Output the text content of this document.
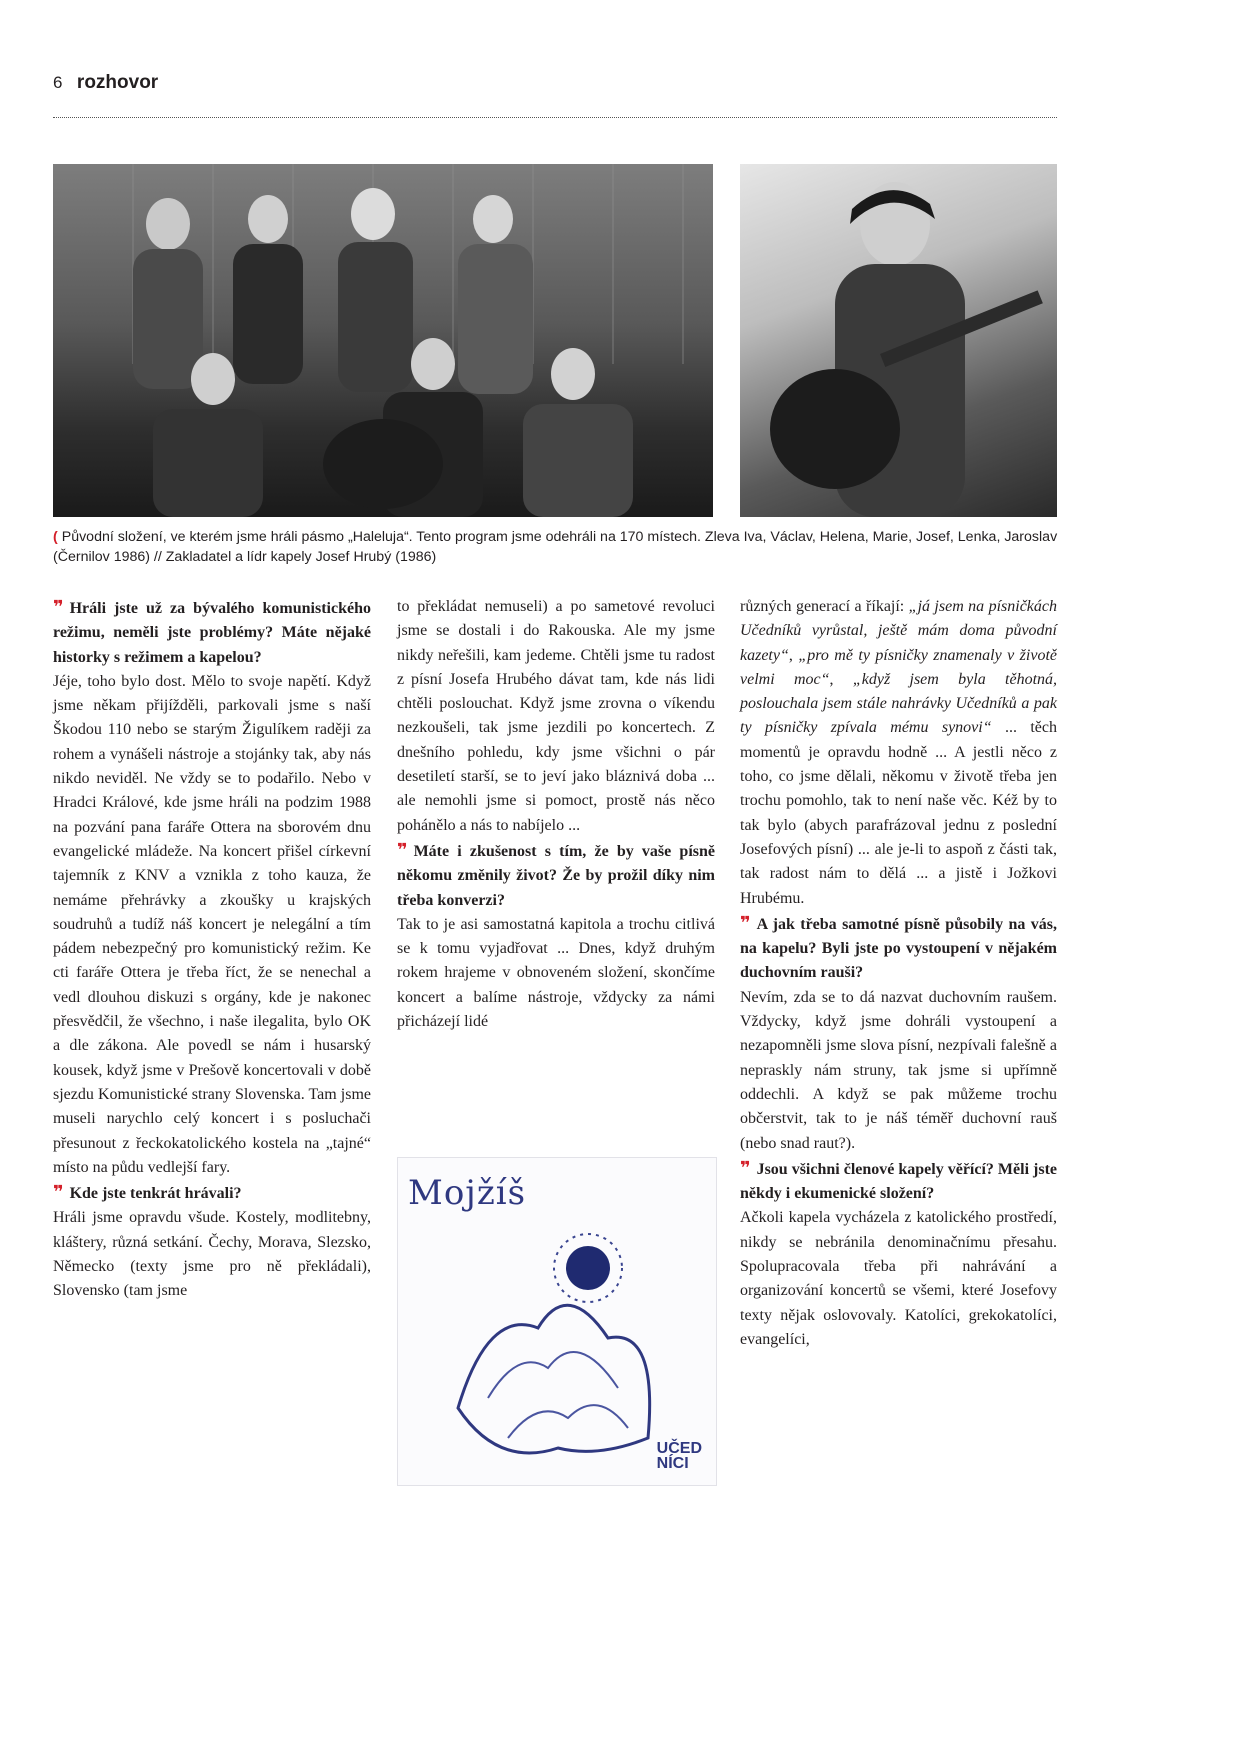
6 rozhovor
( Původní složení, ve kterém jsme hráli pásmo „Haleluja“. Tento program jsme odehráli na 170 místech. Zleva Iva, Václav, Helena, Marie, Josef, Lenka, Jaroslav (Černilov 1986) // Zakladatel a lídr kapely Josef Hrubý (1986)

❞ Hráli jste už za bývalého komunistického režimu, neměli jste problémy? Máte nějaké historky s režimem a kapelou?

Jéje, toho bylo dost. Mělo to svoje napětí. Když jsme někam přijížděli, parkovali jsme s naší Škodou 110 nebo se starým Žigulíkem raději za rohem a vynášeli nástroje a stojánky tak, aby nás nikdo neviděl. Ne vždy se to podařilo. Nebo v Hradci Králové, kde jsme hráli na podzim 1988 na pozvání pana faráře Ottera na sborovém dnu evangelické mládeže. Na koncert přišel církevní tajemník z KNV a vznikla z toho kauza, že nemáme přehrávky a zkoušky u krajských soudruhů a tudíž náš koncert je nelegální a tím pádem nebezpečný pro komunistický režim. Ke cti faráře Ottera je třeba říct, že se nenechal a vedl dlouhou diskuzi s orgány, kde je nakonec přesvědčil, že všechno, i naše ilegalita, bylo OK a dle zákona. Ale povedl se nám i husarský kousek, když jsme v Prešově koncertovali v době sjezdu Komunistické strany Slovenska. Tam jsme museli narychlo celý koncert i s posluchači přesunout z řeckokatolického kostela na „tajné“ místo na půdu vedlejší fary.

❞ Kde jste tenkrát hrávali?

Hráli jsme opravdu všude. Kostely, modlitebny, kláštery, různá setkání. Čechy, Morava, Slezsko, Německo (texty jsme pro ně překládali), Slovensko (tam jsme

to překládat nemuseli) a po sametové revoluci jsme se dostali i do Rakouska. Ale my jsme nikdy neřešili, kam jedeme. Chtěli jsme tu radost z písní Josefa Hrubého dávat tam, kde nás lidi chtěli poslouchat. Když jsme zrovna o víkendu nezkoušeli, tak jsme jezdili po koncertech. Z dnešního pohledu, kdy jsme všichni o pár desetiletí starší, se to jeví jako bláznivá doba ... ale nemohli jsme si pomoct, prostě nás něco pohánělo a nás to nabíjelo ...

❞ Máte i zkušenost s tím, že by vaše písně někomu změnily život? Že by prožil díky nim třeba konverzi?

Tak to je asi samostatná kapitola a trochu citlivá se k tomu vyjadřovat ... Dnes, když druhým rokem hrajeme v obnoveném složení, skončíme koncert a balíme nástroje, vždycky za námi přicházejí lidé

Mojžíš
UČED
NÍCI

různých generací a říkají: „já jsem na písničkách Učedníků vyrůstal, ještě mám doma původní kazety“, „pro mě ty písničky znamenaly v životě velmi moc“, „když jsem byla těhotná, poslouchala jsem stále nahrávky Učedníků a pak ty písničky zpívala mému synovi“ ... těch momentů je opravdu hodně ... A jestli něco z toho, co jsme dělali, někomu v životě třeba jen trochu pomohlo, tak to není naše věc. Kéž by to tak bylo (abych parafrázoval jednu z poslední Josefových písní) ... ale je-li to aspoň z části tak, tak radost nám to dělá ... a jistě i Jožkovi Hrubému.

❞ A jak třeba samotné písně působily na vás, na kapelu? Byli jste po vystoupení v nějakém duchovním rauši?

Nevím, zda se to dá nazvat duchovním raušem. Vždycky, když jsme dohráli vystoupení a nezapomněli jsme slova písní, nezpívali falešně a nepraskly nám struny, tak jsme si upřímně oddechli. A když se pak můžeme trochu občerstvit, tak to je náš téměř duchovní rauš (nebo snad raut?).

❞ Jsou všichni členové kapely věřící? Měli jste někdy i ekumenické složení?

Ačkoli kapela vycházela z katolického prostředí, nikdy se nebránila denominačnímu přesahu. Spolupracovala třeba při nahrávání a organizování koncertů se všemi, které Josefovy texty nějak oslovovaly. Katolíci, grekokatolíci, evangelíci,
